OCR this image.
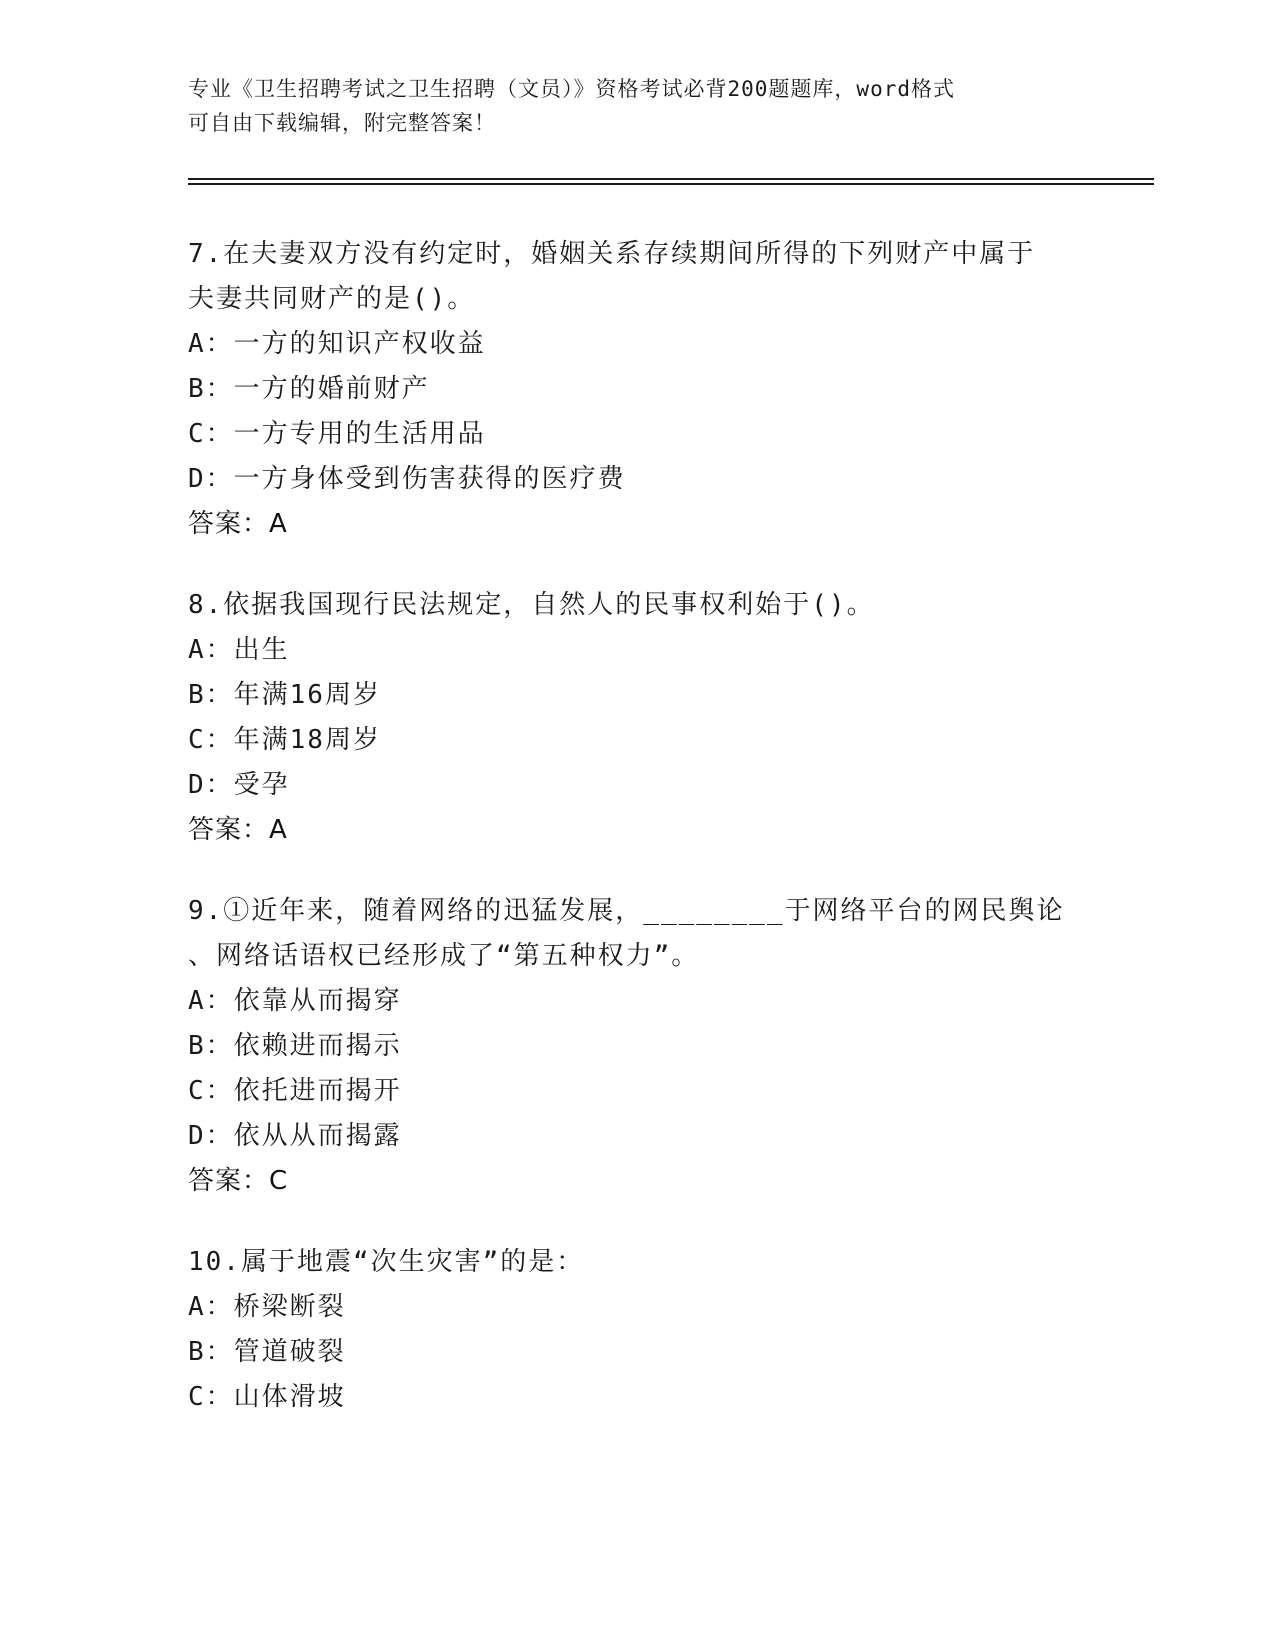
专业《卫生招聘考试之卫生招聘（文员）》资格考试必背200题题库，word格式
可自由下载编辑，附完整答案！

7.在夫妻双方没有约定时，婚姻关系存续期间所得的下列财产中属于

夫妻共同财产的是()。

A：一方的知识产权收益

B：一方的婚前财产

C：一方专用的生活用品

D：一方身体受到伤害获得的医疗费

答案：A

8.依据我国现行民法规定，自然人的民事权利始于()。

A：出生

B：年满16周岁

C：年满18周岁

D：受孕

答案：A

9.①近年来，随着网络的迅猛发展，________于网络平台的网民舆论

、网络话语权已经形成了“第五种权力”。

A：依靠从而揭穿

B：依赖进而揭示

C：依托进而揭开

D：依从从而揭露

答案：C

10.属于地震“次生灾害”的是：

A：桥梁断裂

B：管道破裂

C：山体滑坡
